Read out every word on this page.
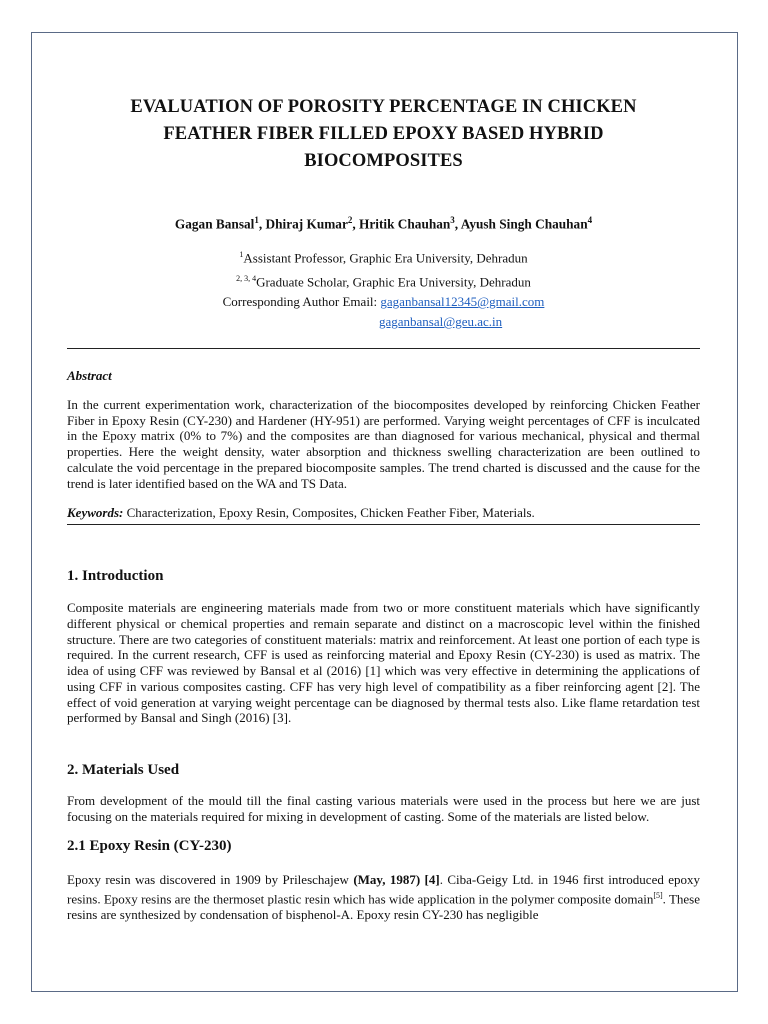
EVALUATION OF POROSITY PERCENTAGE IN CHICKEN

FEATHER FIBER FILLED EPOXY BASED HYBRID

BIOCOMPOSITES

Gagan Bansal$^1$, Dhiraj Kumar$^2$, Hritik Chauhan$^3$, Ayush Singh Chauhan$^4$
$^1$Assistant Professor, Graphic Era University, Dehradun
$^{2, 3, 4}$Graduate Scholar, Graphic Era University, Dehradun
Corresponding Author Email: gaganbansal12345@gmail.com
gaganbansal@geu.ac.in
Abstract

In the current experimentation work, characterization of the biocomposites developed by reinforcing Chicken Feather Fiber in Epoxy Resin (CY-230) and Hardener (HY-951) are performed. Varying weight percentages of CFF is inculcated in the Epoxy matrix (0% to 7%) and the composites are than diagnosed for various mechanical, physical and thermal properties. Here the weight density, water absorption and thickness swelling characterization are been outlined to calculate the void percentage in the prepared biocomposite samples. The trend charted is discussed and the cause for the trend is later identified based on the WA and TS Data.

Keywords: Characterization, Epoxy Resin, Composites, Chicken Feather Fiber, Materials.
1. Introduction

Composite materials are engineering materials made from two or more constituent materials which have significantly different physical or chemical properties and remain separate and distinct on a macroscopic level within the finished structure. There are two categories of constituent materials: matrix and reinforcement. At least one portion of each type is required. In the current research, CFF is used as reinforcing material and Epoxy Resin (CY-230) is used as matrix. The idea of using CFF was reviewed by Bansal et al (2016) [1] which was very effective in determining the applications of using CFF in various composites casting. CFF has very high level of compatibility as a fiber reinforcing agent [2]. The effect of void generation at varying weight percentage can be diagnosed by thermal tests also. Like flame retardation test performed by Bansal and Singh (2016) [3].

2. Materials Used

From development of the mould till the final casting various materials were used in the process but here we are just focusing on the materials required for mixing in development of casting. Some of the materials are listed below.

2.1 Epoxy Resin (CY-230)

Epoxy resin was discovered in 1909 by Prileschajew (May, 1987) [4]. Ciba-Geigy Ltd. in 1946 first introduced epoxy resins. Epoxy resins are the thermoset plastic resin which has wide application in the polymer composite domain[5]. These resins are synthesized by condensation of bisphenol-A. Epoxy resin CY-230 has negligible
